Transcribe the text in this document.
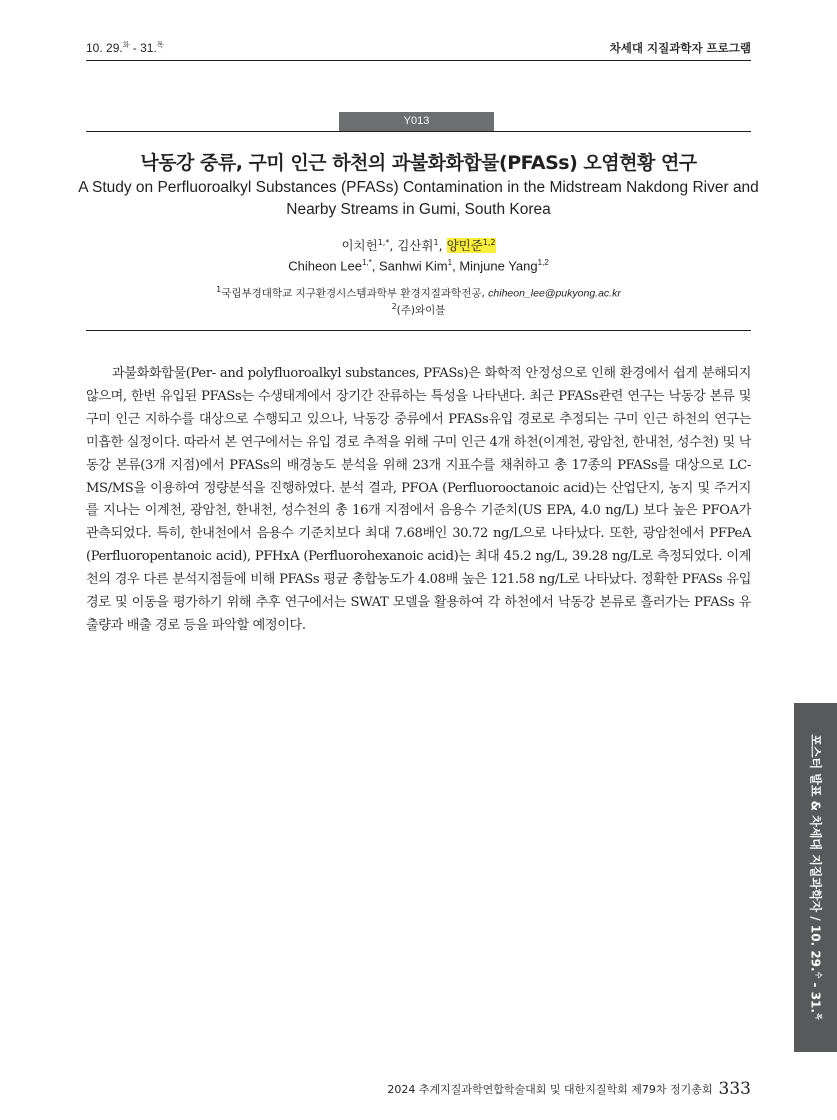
10. 29.$^화$ - 31.$^목$	차세대 지질과학자 프로그램
Y013
낙동강 중류, 구미 인근 하천의 과불화화합물(PFASs) 오염현황 연구
A Study on Perfluoroalkyl Substances (PFASs) Contamination in the Midstream Nakdong River and Nearby Streams in Gumi, South Korea
이치헌$^{1,*}$, 김산휘$^1$, 양민준$^{1,2}$
Chiheon Lee$^{1,*}$, Sanhwi Kim$^1$, Minjune Yang$^{1,2}$
$^1$국립부경대학교 지구환경시스템과학부 환경지질과학전공, chiheon_lee@pukyong.ac.kr
$^2$(주)와이블

과불화화합물(Per- and polyfluoroalkyl substances, PFASs)은 화학적 안정성으로 인해 환경에서 쉽게 분해되지 않으며, 한번 유입된 PFASs는 수생태계에서 장기간 잔류하는 특성을 나타낸다. 최근 PFASs관련 연구는 낙동강 본류 및 구미 인근 지하수를 대상으로 수행되고 있으나, 낙동강 중류에서 PFASs유입 경로로 추정되는 구미 인근 하천의 연구는 미흡한 실정이다. 따라서 본 연구에서는 유입 경로 추적을 위해 구미 인근 4개 하천(이계천, 광암천, 한내천, 성수천) 및 낙동강 본류(3개 지점)에서 PFASs의 배경농도 분석을 위해 23개 지표수를 채취하고 총 17종의 PFASs를 대상으로 LC-MS/MS을 이용하여 정량분석을 진행하였다. 분석 결과, PFOA (Perfluorooctanoic acid)는 산업단지, 농지 및 주거지를 지나는 이계천, 광암천, 한내천, 성수천의 총 16개 지점에서 음용수 기준치(US EPA, 4.0 ng/L) 보다 높은 PFOA가 관측되었다. 특히, 한내천에서 음용수 기준치보다 최대 7.68배인 30.72 ng/L으로 나타났다. 또한, 광암천에서 PFPeA (Perfluoropentanoic acid), PFHxA (Perfluorohexanoic acid)는 최대 45.2 ng/L, 39.28 ng/L로 측정되었다. 이계천의 경우 다른 분석지점들에 비해 PFASs 평균 총합농도가 4.08배 높은 121.58 ng/L로 나타났다. 정확한 PFASs 유입경로 및 이동을 평가하기 위해 추후 연구에서는 SWAT 모델을 활용하여 각 하천에서 낙동강 본류로 흘러가는 PFASs 유출량과 배출 경로 등을 파악할 예정이다.

포스터 발표 & 차세대 지질과학자 / 10. 29.$^수$ - 31.$^목$
2024 추계지질과학연합학술대회 및 대한지질학회 제79차 정기총회 333
